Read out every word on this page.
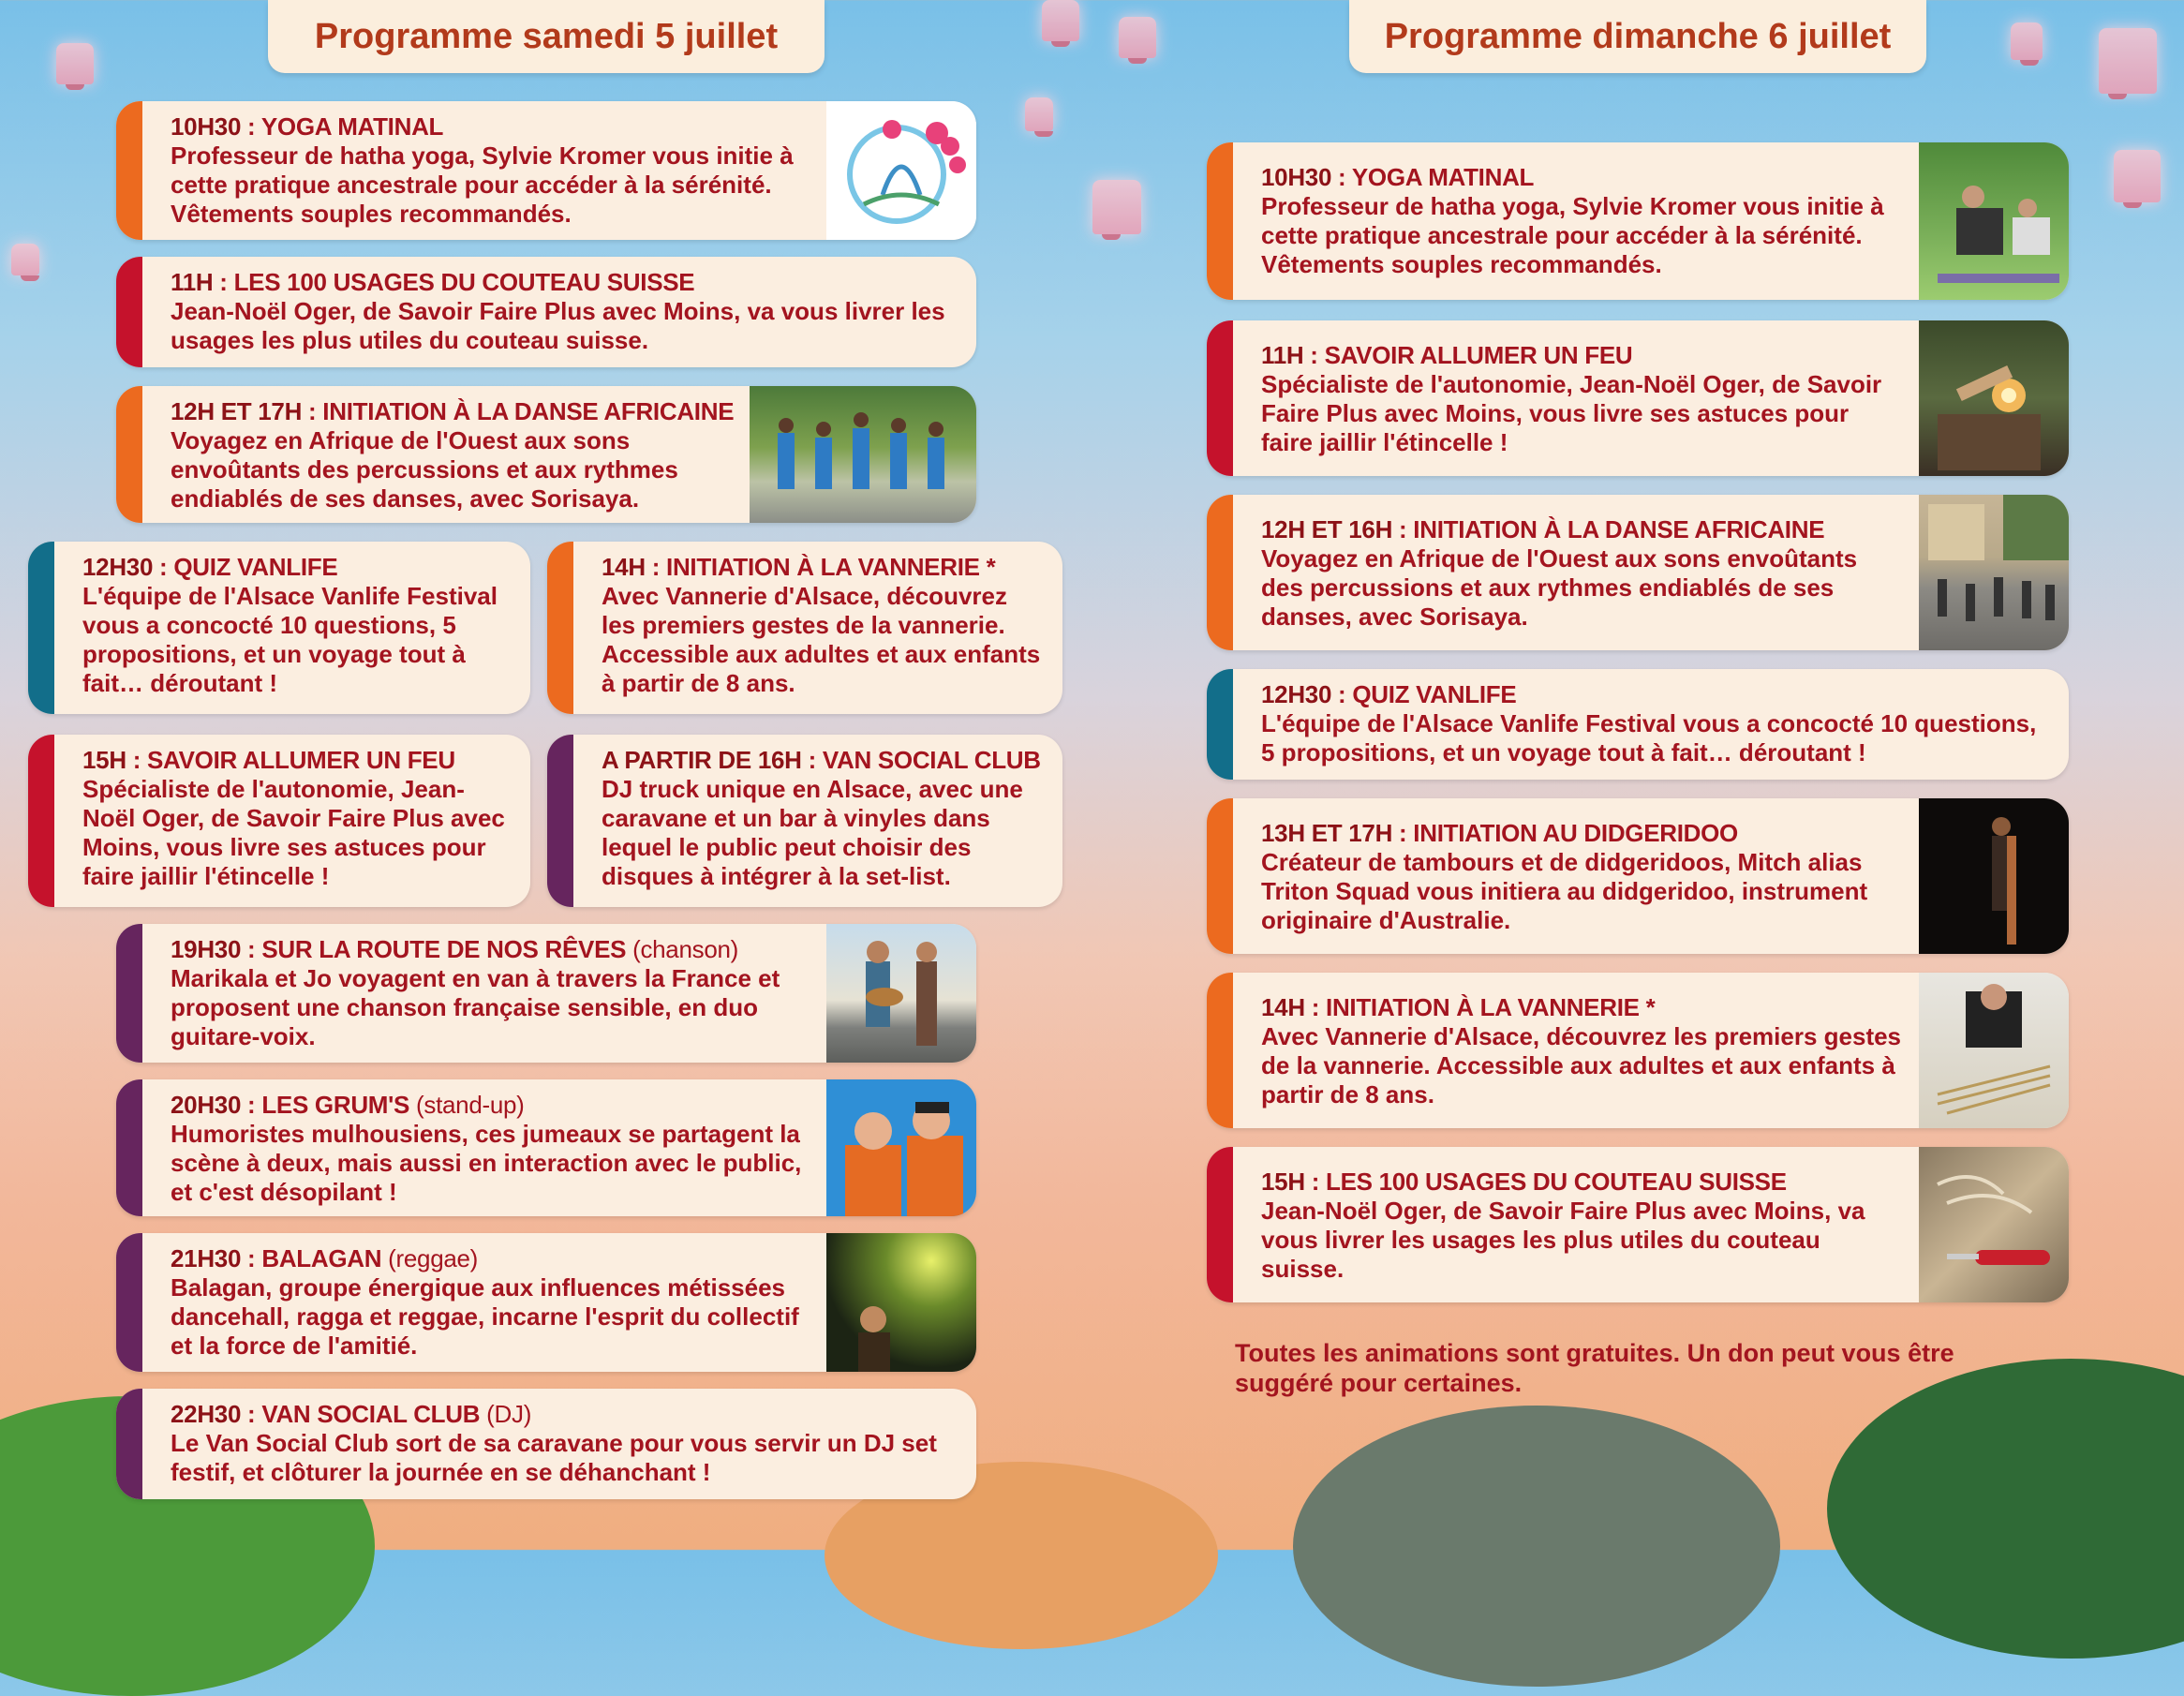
Programme samedi 5 juillet	Programme dimanche 6 juillet
10H30 : YOGA MATINAL
Professeur de hatha yoga, Sylvie Kromer vous initie à cette pratique ancestrale pour accéder à la sérénité. Vêtements souples recommandés.
11H : LES 100 USAGES DU COUTEAU SUISSE
Jean-Noël Oger, de Savoir Faire Plus avec Moins, va vous livrer les usages les plus utiles du couteau suisse.
12H ET 17H : INITIATION À LA DANSE AFRICAINE
Voyagez en Afrique de l'Ouest aux sons envoûtants des percussions et aux rythmes endiablés de ses danses, avec Sorisaya.
12H30 : QUIZ VANLIFE
L'équipe de l'Alsace Vanlife Festival vous a concocté 10 questions, 5 propositions, et un voyage tout à fait… déroutant !
14H : INITIATION À LA VANNERIE *
Avec Vannerie d'Alsace, découvrez les premiers gestes de la vannerie. Accessible aux adultes et aux enfants à partir de 8 ans.
15H : SAVOIR ALLUMER UN FEU
Spécialiste de l'autonomie, Jean-Noël Oger, de Savoir Faire Plus avec Moins, vous livre ses astuces pour faire jaillir l'étincelle !
A PARTIR DE 16H : VAN SOCIAL CLUB
DJ truck unique en Alsace, avec une caravane et un bar à vinyles dans lequel le public peut choisir des disques à intégrer à la set-list.
19H30 : SUR LA ROUTE DE NOS RÊVES (chanson)
Marikala et Jo voyagent en van à travers la France et proposent une chanson française sensible, en duo guitare-voix.
20H30 : LES GRUM'S (stand-up)
Humoristes mulhousiens, ces jumeaux se partagent la scène à deux, mais aussi en interaction avec le public, et c'est désopilant !
21H30 : BALAGAN (reggae)
Balagan, groupe énergique aux influences métissées dancehall, ragga et reggae, incarne l'esprit du collectif et la force de l'amitié.
22H30 : VAN SOCIAL CLUB (DJ)
Le Van Social Club sort de sa caravane pour vous servir un DJ set festif, et clôturer la journée en se déhanchant !
10H30 : YOGA MATINAL
Professeur de hatha yoga, Sylvie Kromer vous initie à cette pratique ancestrale pour accéder à la sérénité. Vêtements souples recommandés.
11H : SAVOIR ALLUMER UN FEU
Spécialiste de l'autonomie, Jean-Noël Oger, de Savoir Faire Plus avec Moins, vous livre ses astuces pour faire jaillir l'étincelle !
12H ET 16H : INITIATION À LA DANSE AFRICAINE
Voyagez en Afrique de l'Ouest aux sons envoûtants des percussions et aux rythmes endiablés de ses danses, avec Sorisaya.
12H30 : QUIZ VANLIFE
L'équipe de l'Alsace Vanlife Festival vous a concocté 10 questions, 5 propositions, et un voyage tout à fait… déroutant !
13H ET 17H : INITIATION AU DIDGERIDOO
Créateur de tambours et de didgeridoos, Mitch alias Triton Squad vous initiera au didgeridoo, instrument originaire d'Australie.
14H : INITIATION À LA VANNERIE *
Avec Vannerie d'Alsace, découvrez les premiers gestes de la vannerie. Accessible aux adultes et aux enfants à partir de 8 ans.
15H : LES 100 USAGES DU COUTEAU SUISSE
Jean-Noël Oger, de Savoir Faire Plus avec Moins, va vous livrer les usages les plus utiles du couteau suisse.
Toutes les animations sont gratuites. Un don peut vous être suggéré pour certaines.
